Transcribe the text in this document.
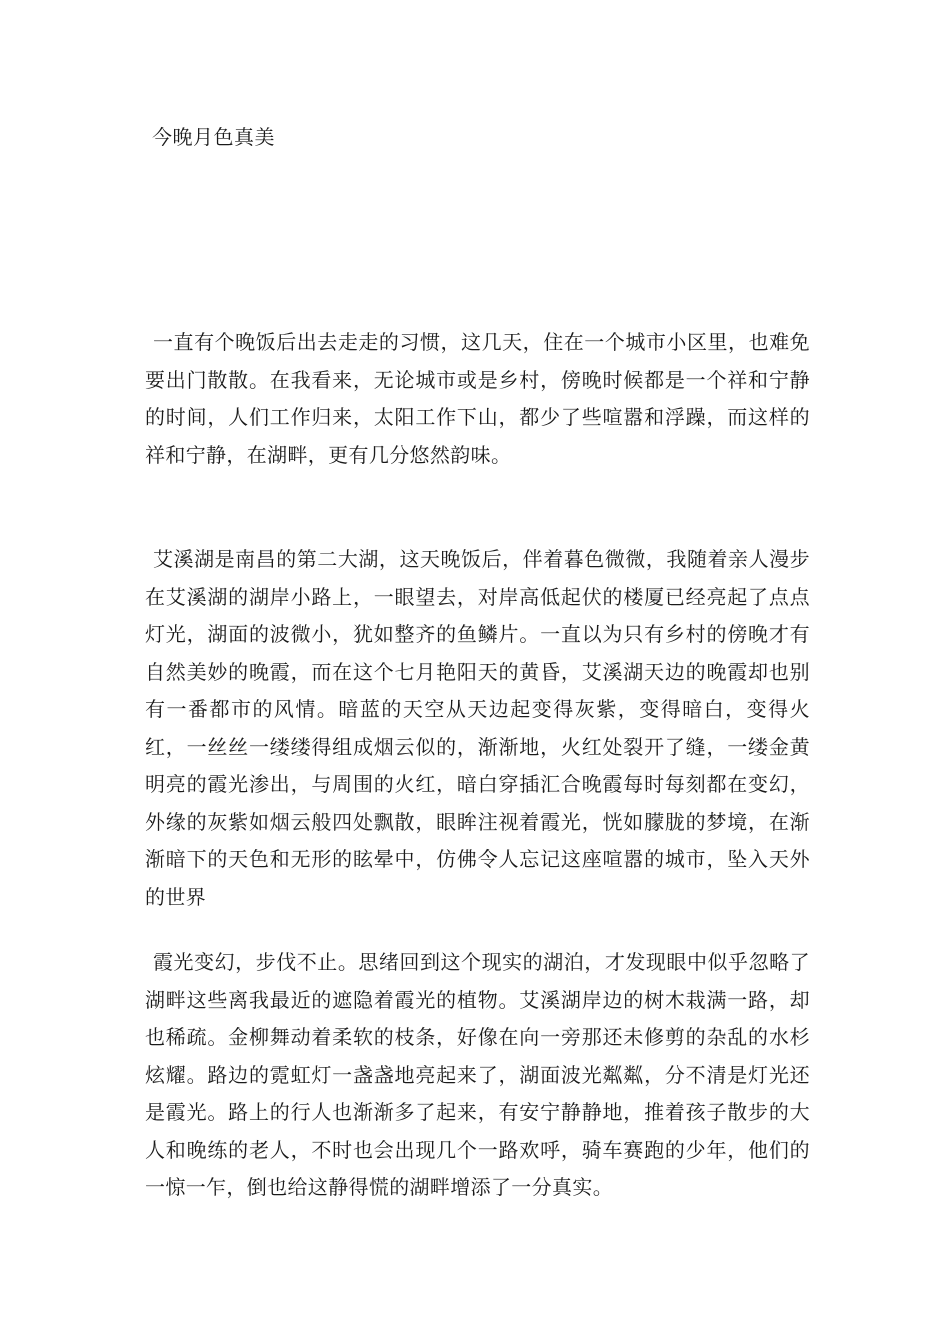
今晚月色真美

一直有个晚饭后出去走走的习惯，这几天，住在一个城市小区里，也难免要出门散散。在我看来，无论城市或是乡村，傍晚时候都是一个祥和宁静的时间，人们工作归来，太阳工作下山，都少了些喧嚣和浮躁，而这样的祥和宁静，在湖畔，更有几分悠然韵味。

艾溪湖是南昌的第二大湖，这天晚饭后，伴着暮色微微，我随着亲人漫步在艾溪湖的湖岸小路上，一眼望去，对岸高低起伏的楼厦已经亮起了点点灯光，湖面的波微小，犹如整齐的鱼鳞片。一直以为只有乡村的傍晚才有自然美妙的晚霞，而在这个七月艳阳天的黄昏，艾溪湖天边的晚霞却也别有一番都市的风情。暗蓝的天空从天边起变得灰紫，变得暗白，变得火红，一丝丝一缕缕得组成烟云似的，渐渐地，火红处裂开了缝，一缕金黄明亮的霞光渗出，与周围的火红，暗白穿插汇合晚霞每时每刻都在变幻，外缘的灰紫如烟云般四处飘散，眼眸注视着霞光，恍如朦胧的梦境，在渐渐暗下的天色和无形的眩晕中，仿佛令人忘记这座喧嚣的城市，坠入天外的世界

霞光变幻，步伐不止。思绪回到这个现实的湖泊，才发现眼中似乎忽略了湖畔这些离我最近的遮隐着霞光的植物。艾溪湖岸边的树木栽满一路，却也稀疏。金柳舞动着柔软的枝条，好像在向一旁那还未修剪的杂乱的水杉炫耀。路边的霓虹灯一盏盏地亮起来了，湖面波光粼粼，分不清是灯光还是霞光。路上的行人也渐渐多了起来，有安宁静静地，推着孩子散步的大人和晚练的老人，不时也会出现几个一路欢呼，骑车赛跑的少年，他们的一惊一乍，倒也给这静得慌的湖畔增添了一分真实。
